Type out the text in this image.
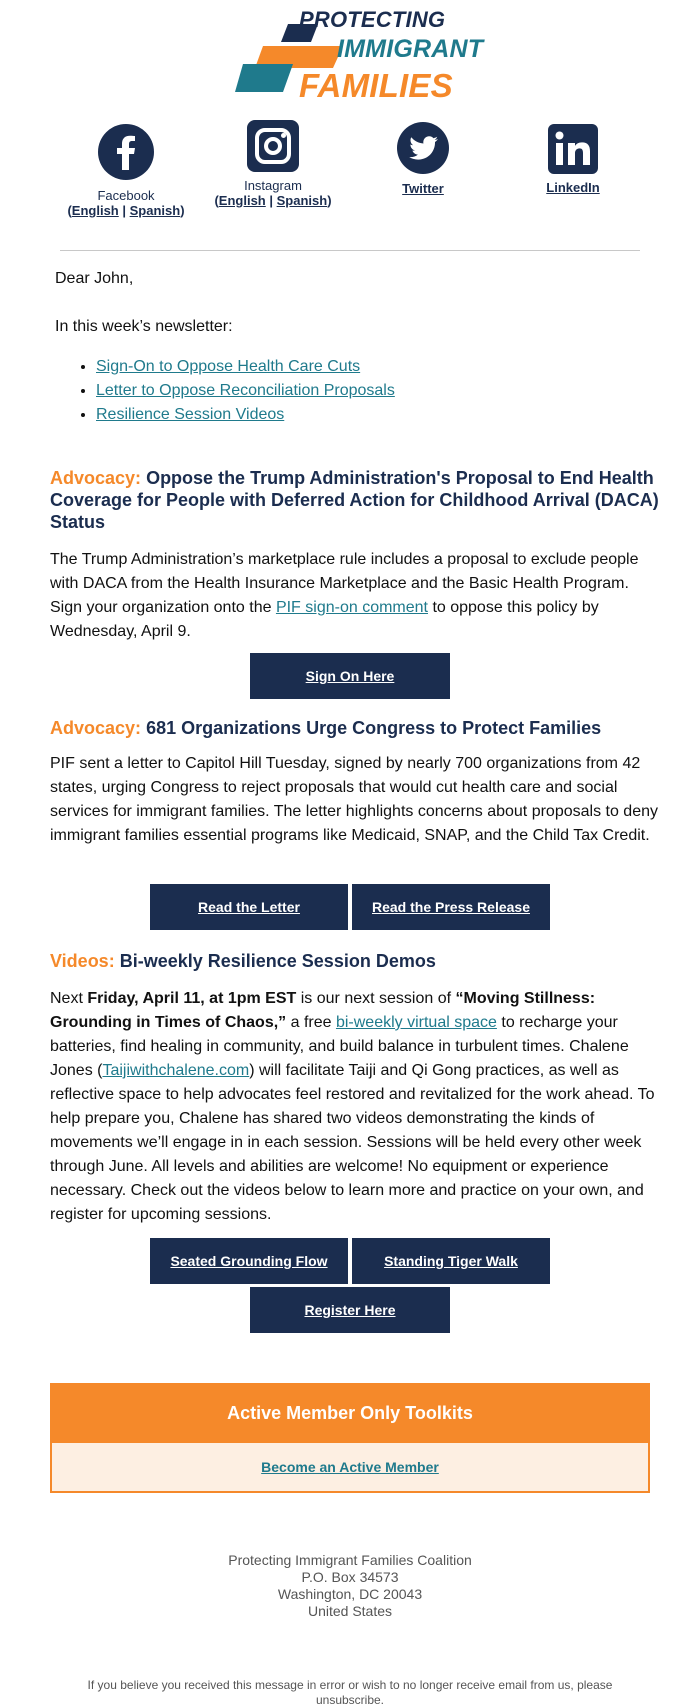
PROTECTING
IMMIGRANT
FAMILIES
Facebook
(English | Spanish)
Instagram
(English | Spanish)
Twitter	LinkedIn
Dear John,
In this week’s newsletter:
• Sign-On to Oppose Health Care Cuts
• Letter to Oppose Reconciliation Proposals
• Resilience Session Videos
Advocacy: Oppose the Trump Administration's Proposal to End Health Coverage for People with Deferred Action for Childhood Arrival (DACA) Status
The Trump Administration’s marketplace rule includes a proposal to exclude people with DACA from the Health Insurance Marketplace and the Basic Health Program. Sign your organization onto the PIF sign-on comment to oppose this policy by Wednesday, April 9.
Sign On Here
Advocacy: 681 Organizations Urge Congress to Protect Families
PIF sent a letter to Capitol Hill Tuesday, signed by nearly 700 organizations from 42 states, urging Congress to reject proposals that would cut health care and social services for immigrant families. The letter highlights concerns about proposals to deny immigrant families essential programs like Medicaid, SNAP, and the Child Tax Credit.
Read the Letter	Read the Press Release
Videos: Bi-weekly Resilience Session Demos
Next Friday, April 11, at 1pm EST is our next session of “Moving Stillness: Grounding in Times of Chaos,” a free bi-weekly virtual space to recharge your batteries, find healing in community, and build balance in turbulent times. Chalene Jones (Taijiwithchalene.com) will facilitate Taiji and Qi Gong practices, as well as reflective space to help advocates feel restored and revitalized for the work ahead. To help prepare you, Chalene has shared two videos demonstrating the kinds of movements we’ll engage in in each session. Sessions will be held every other week through June. All levels and abilities are welcome! No equipment or experience necessary. Check out the videos below to learn more and practice on your own, and register for upcoming sessions.
Seated Grounding Flow	Standing Tiger Walk
Register Here
Active Member Only Toolkits
Become an Active Member
Protecting Immigrant Families Coalition
P.O. Box 34573
Washington, DC 20043
United States
If you believe you received this message in error or wish to no longer receive email from us, please unsubscribe.
